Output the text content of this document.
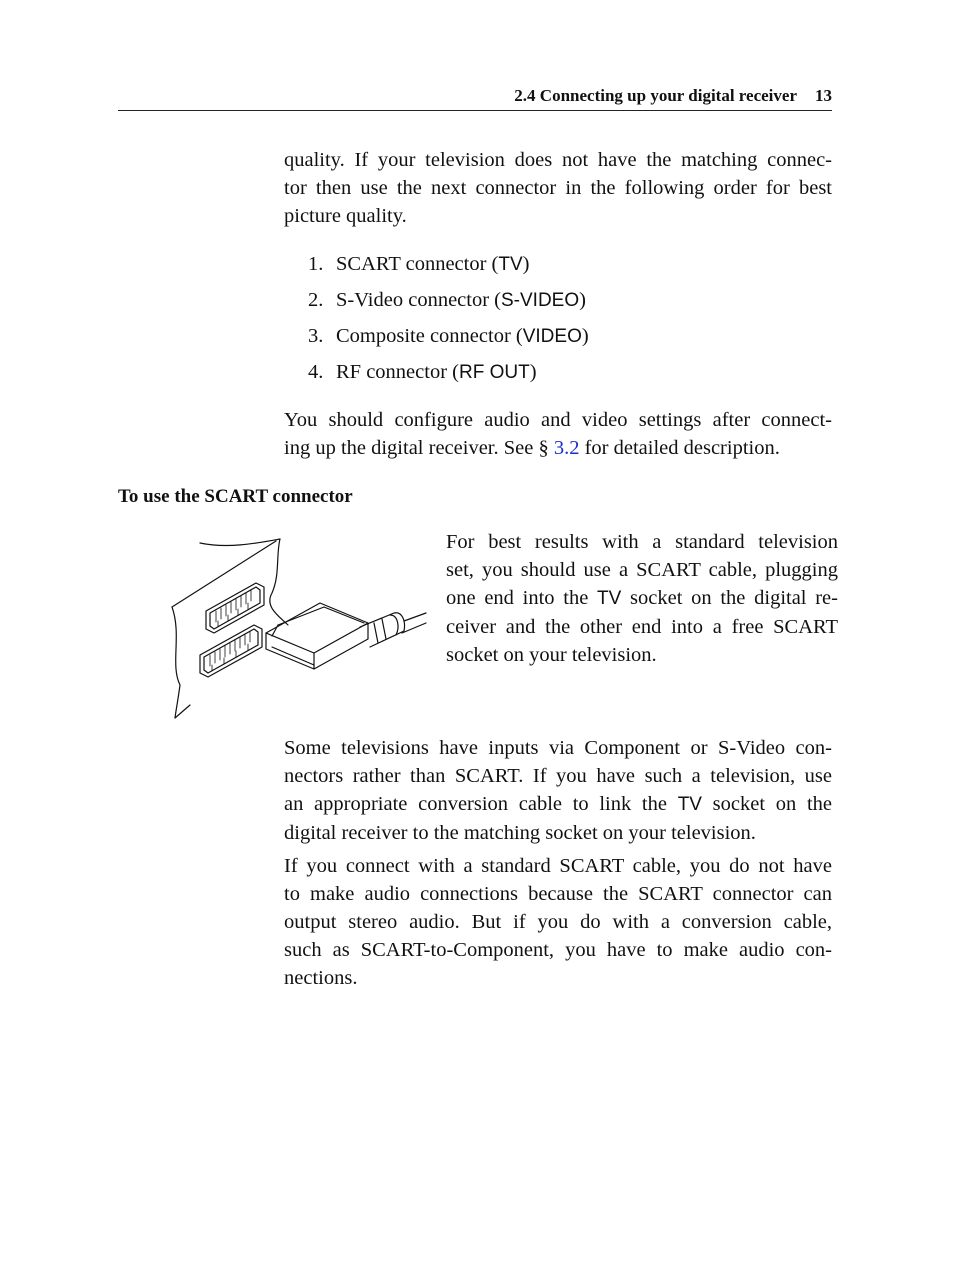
2.4 Connecting up your digital receiver 13
quality. If your television does not have the matching connec-
tor then use the next connector in the following order for best
picture quality.
1. SCART connector (TV)
2. S-Video connector (S-VIDEO)
3. Composite connector (VIDEO)
4. RF connector (RF OUT)
You should configure audio and video settings after connect-
ing up the digital receiver. See § 3.2 for detailed description.
To use the SCART connector
For best results with a standard television
set, you should use a SCART cable, plugging
one end into the TV socket on the digital re-
ceiver and the other end into a free SCART
socket on your television.
Some televisions have inputs via Component or S-Video con-
nectors rather than SCART. If you have such a television, use
an appropriate conversion cable to link the TV socket on the
digital receiver to the matching socket on your television.
If you connect with a standard SCART cable, you do not have
to make audio connections because the SCART connector can
output stereo audio. But if you do with a conversion cable,
such as SCART-to-Component, you have to make audio con-
nections.
